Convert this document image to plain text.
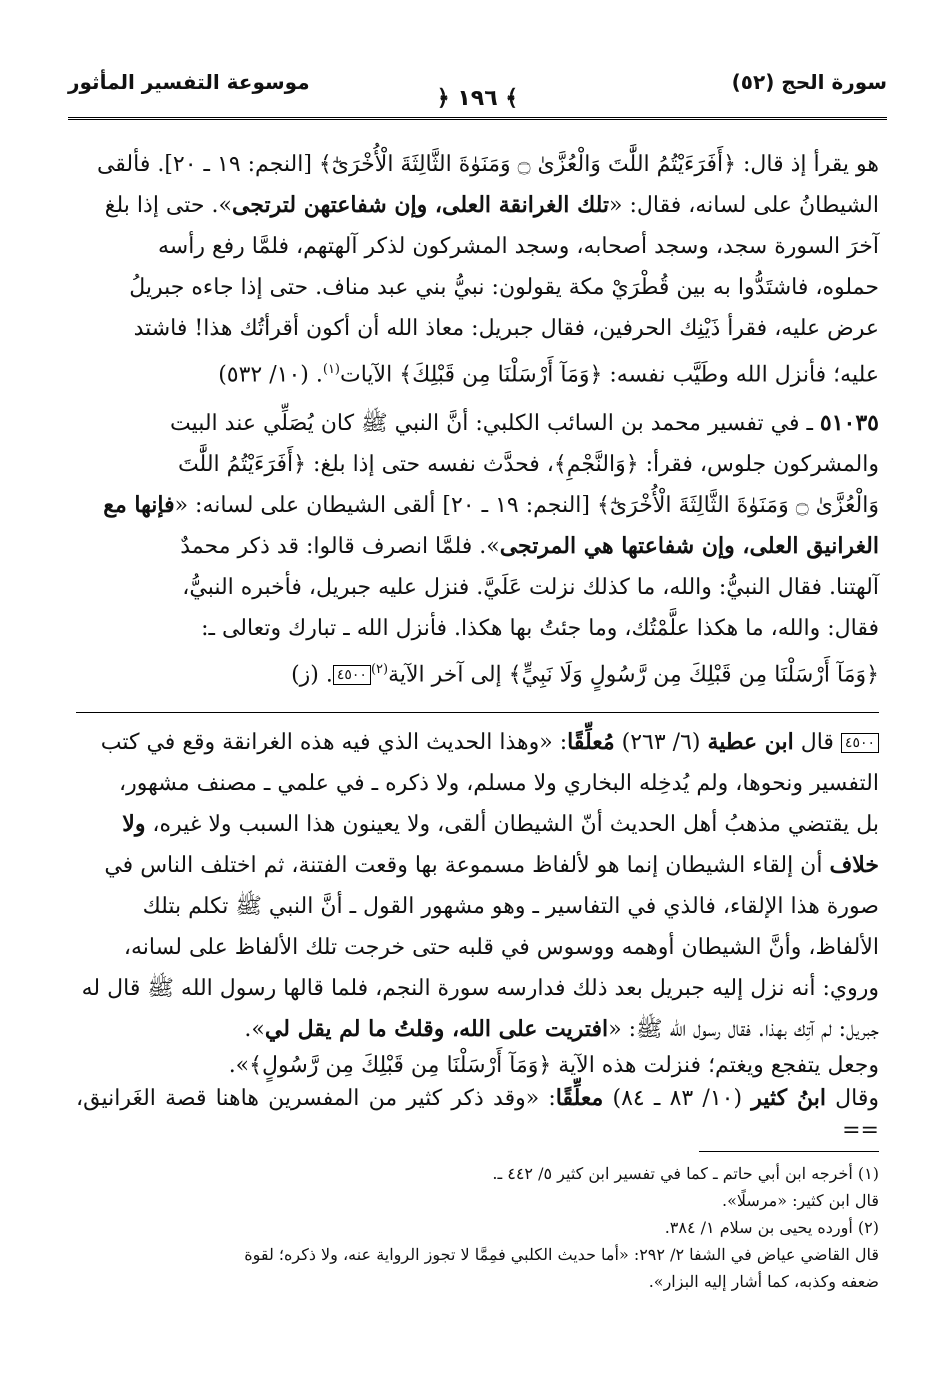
سورة الحج (٥٢)
﴾ ١٩٦ ﴿
موسوعة التفسير المأثور

هو يقرأ إذ قال: ﴿أَفَرَءَيْتُمُ اللَّٰتَ وَالْعُزَّىٰ ۝ وَمَنَوٰةَ الثَّالِثَةَ الْأُخْرَىٰٓ﴾ [النجم: ١٩ ـ ٢٠]. فألقى

الشيطانُ على لسانه، فقال: «تلك الغرانقة العلى، وإن شفاعتهن لترتجى». حتى إذا بلغ

آخرَ السورة سجد، وسجد أصحابه، وسجد المشركون لذكر آلهتهم، فلمَّا رفع رأسه

حملوه، فاشتَدُّوا به بين قُطْرَيْ مكة يقولون: نبيُّ بني عبد مناف. حتى إذا جاءه جبريلُ

عرض عليه، فقرأ ذَيْنِك الحرفين، فقال جبريل: معاذ الله أن أكون أقرأتُك هذا! فاشتد

عليه؛ فأنزل الله وطَيَّب نفسه: ﴿وَمَآ أَرْسَلْنَا مِن قَبْلِكَ﴾ الآيات$^{(١)}$. (١٠/ ٥٣٢)

٥١٠٣٥ ـ في تفسير محمد بن السائب الكلبي: أنَّ النبي ﷺ كان يُصَلِّي عند البيت

والمشركون جلوس، فقرأ: ﴿وَالنَّجْمِ﴾، فحدَّث نفسه حتى إذا بلغ: ﴿أَفَرَءَيْتُمُ اللَّٰتَ

وَالْعُزَّىٰ ۝ وَمَنَوٰةَ الثَّالِثَةَ الْأُخْرَىٰٓ﴾ [النجم: ١٩ ـ ٢٠] ألقى الشيطان على لسانه: «فإنها مع

الغرانيق العلى، وإن شفاعتها هي المرتجى». فلمَّا انصرف قالوا: قد ذكر محمدٌ

آلهتنا. فقال النبيُّ: والله، ما كذلك نزلت عَلَيَّ. فنزل عليه جبريل، فأخبره النبيُّ،

فقال: والله، ما هكذا علَّمْتُك، وما جئتُ بها هكذا. فأنزل الله ـ تبارك وتعالى ـ:

﴿وَمَآ أَرْسَلْنَا مِن قَبْلِكَ مِن رَّسُولٍ وَلَا نَبِيٍّ﴾ إلى آخر الآية$^{(٢)}$٤٥٠٠. (ز)

٤٥٠٠ قال ابن عطية (٦/ ٢٦٣) مُعلِّقًا: «وهذا الحديث الذي فيه هذه الغرانقة وقع في كتب

التفسير ونحوها، ولم يُدخِله البخاري ولا مسلم، ولا ذكره ـ في علمي ـ مصنف مشهور،

بل يقتضي مذهبُ أهل الحديث أنّ الشيطان ألقى، ولا يعينون هذا السبب ولا غيره، ولا

خلاف أن إلقاء الشيطان إنما هو لألفاظ مسموعة بها وقعت الفتنة، ثم اختلف الناس في

صورة هذا الإلقاء، فالذي في التفاسير ـ وهو مشهور القول ـ أنَّ النبي ﷺ تكلم بتلك

الألفاظ، وأنَّ الشيطان أوهمه ووسوس في قلبه حتى خرجت تلك الألفاظ على لسانه،

وروي: أنه نزل إليه جبريل بعد ذلك فدارسه سورة النجم، فلما قالها رسول الله ﷺ قال له

جبريل: لم آتِك بهذا. فقال رسول الله ﷺ: «افتريت على الله، وقلتُ ما لم يقل لي».

وجعل يتفجع ويغتم؛ فنزلت هذه الآية ﴿وَمَآ أَرْسَلْنَا مِن قَبْلِكَ مِن رَّسُولٍ﴾».

وقال ابنُ كثير (١٠/ ٨٣ ـ ٨٤) معلِّقًا: «وقد ذكر كثير من المفسرين هاهنا قصة الغَرانيق، ==

(١) أخرجه ابن أبي حاتم ـ كما في تفسير ابن كثير ٥/ ٤٤٢ ـ.

قال ابن كثير: «مرسلًا».

(٢) أورده يحيى بن سلام ١/ ٣٨٤.

قال القاضي عياض في الشفا ٢/ ٢٩٢: «أما حديث الكلبي فمِمَّا لا تجوز الرواية عنه، ولا ذكره؛ لقوة

ضعفه وكذبه، كما أشار إليه البزار».
